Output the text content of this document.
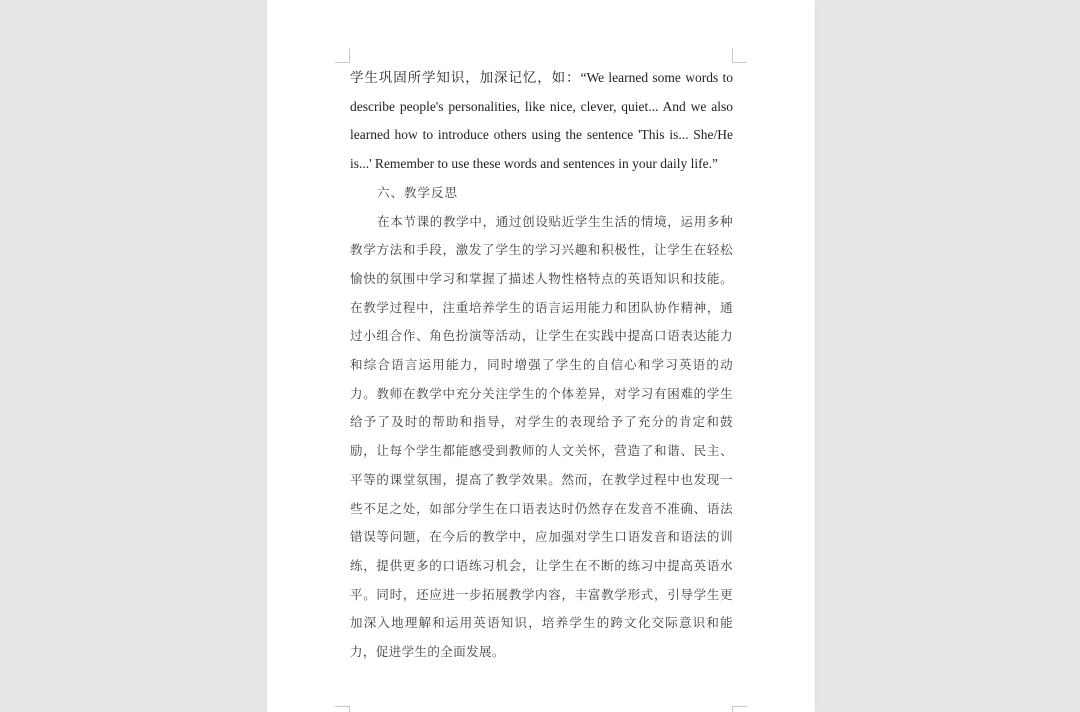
学生巩固所学知识，加深记忆，如：“We learned some words to describe people's personalities, like nice, clever, quiet... And we also learned how to introduce others using the sentence 'This is... She/He is...' Remember to use these words and sentences in your daily life.”

六、教学反思

在本节课的教学中，通过创设贴近学生生活的情境，运用多种教学方法和手段，激发了学生的学习兴趣和积极性，让学生在轻松愉快的氛围中学习和掌握了描述人物性格特点的英语知识和技能。在教学过程中，注重培养学生的语言运用能力和团队协作精神，通过小组合作、角色扮演等活动，让学生在实践中提高口语表达能力和综合语言运用能力，同时增强了学生的自信心和学习英语的动力。教师在教学中充分关注学生的个体差异，对学习有困难的学生给予了及时的帮助和指导，对学生的表现给予了充分的肯定和鼓励，让每个学生都能感受到教师的人文关怀，营造了和谐、民主、平等的课堂氛围，提高了教学效果。然而，在教学过程中也发现一些不足之处，如部分学生在口语表达时仍然存在发音不准确、语法错误等问题，在今后的教学中，应加强对学生口语发音和语法的训练，提供更多的口语练习机会，让学生在不断的练习中提高英语水平。同时，还应进一步拓展教学内容，丰富教学形式，引导学生更加深入地理解和运用英语知识，培养学生的跨文化交际意识和能力，促进学生的全面发展。
